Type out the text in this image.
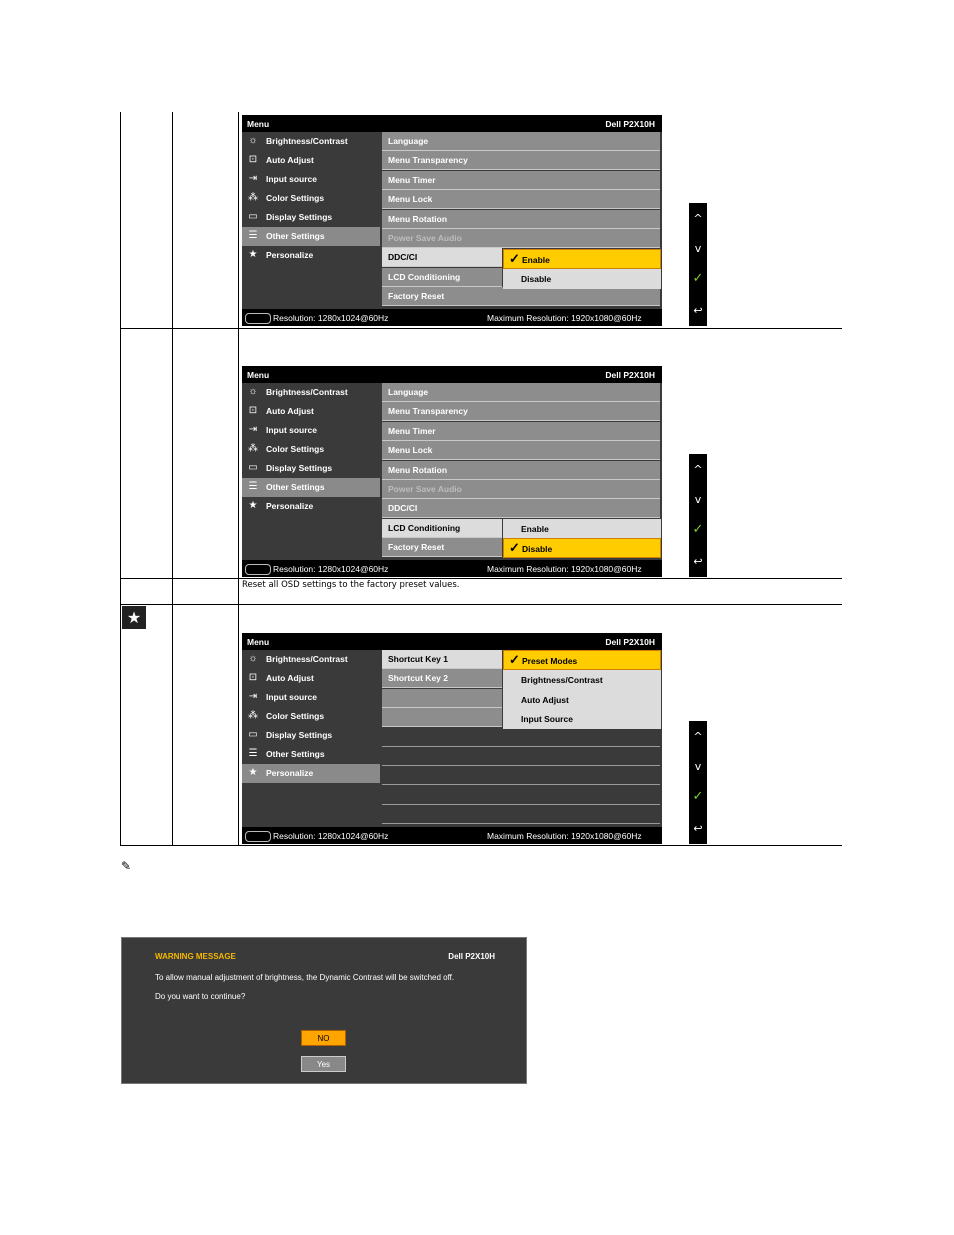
Menu	Dell P2X10H
☼ Brightness/Contrast
⊡	Auto Adjust
⇥	Input source
⁂ Color Settings
▭ Display Settings
☰ Other Settings
★ Personalize
Language
Menu Transparency
Menu Timer
Menu Lock
Menu Rotation
Power Save Audio
DDC/CI
LCD Conditioning
Factory Reset
✓ Enable
Disable
Resolution: 1280x1024@60Hz	Maximum Resolution: 1920x1080@60Hz
^
v
✓
↩
Menu	Dell P2X10H
☼ Brightness/Contrast
⊡	Auto Adjust
⇥	Input source
⁂ Color Settings
▭ Display Settings
☰ Other Settings
★ Personalize
Language
Menu Transparency
Menu Timer
Menu Lock
Menu Rotation
Power Save Audio
DDC/CI
LCD Conditioning
Factory Reset
Enable
✓ Disable
Resolution: 1280x1024@60Hz	Maximum Resolution: 1920x1080@60Hz
^
v
✓
↩
Reset all OSD settings to the factory preset values.
★
Menu	Dell P2X10H
☼ Brightness/Contrast
⊡	Auto Adjust
⇥	Input source
⁂ Color Settings
▭ Display Settings
☰ Other Settings
★ Personalize
Shortcut Key 1
Shortcut Key 2
✓ Preset Modes
Brightness/Contrast
Auto Adjust
Input Source
Resolution: 1280x1024@60Hz	Maximum Resolution: 1920x1080@60Hz
^
v
✓
↩
✎
WARNING MESSAGE	Dell P2X10H
To allow manual adjustment of brightness, the Dynamic Contrast will be switched off.
Do you want to continue?
NO
Yes
